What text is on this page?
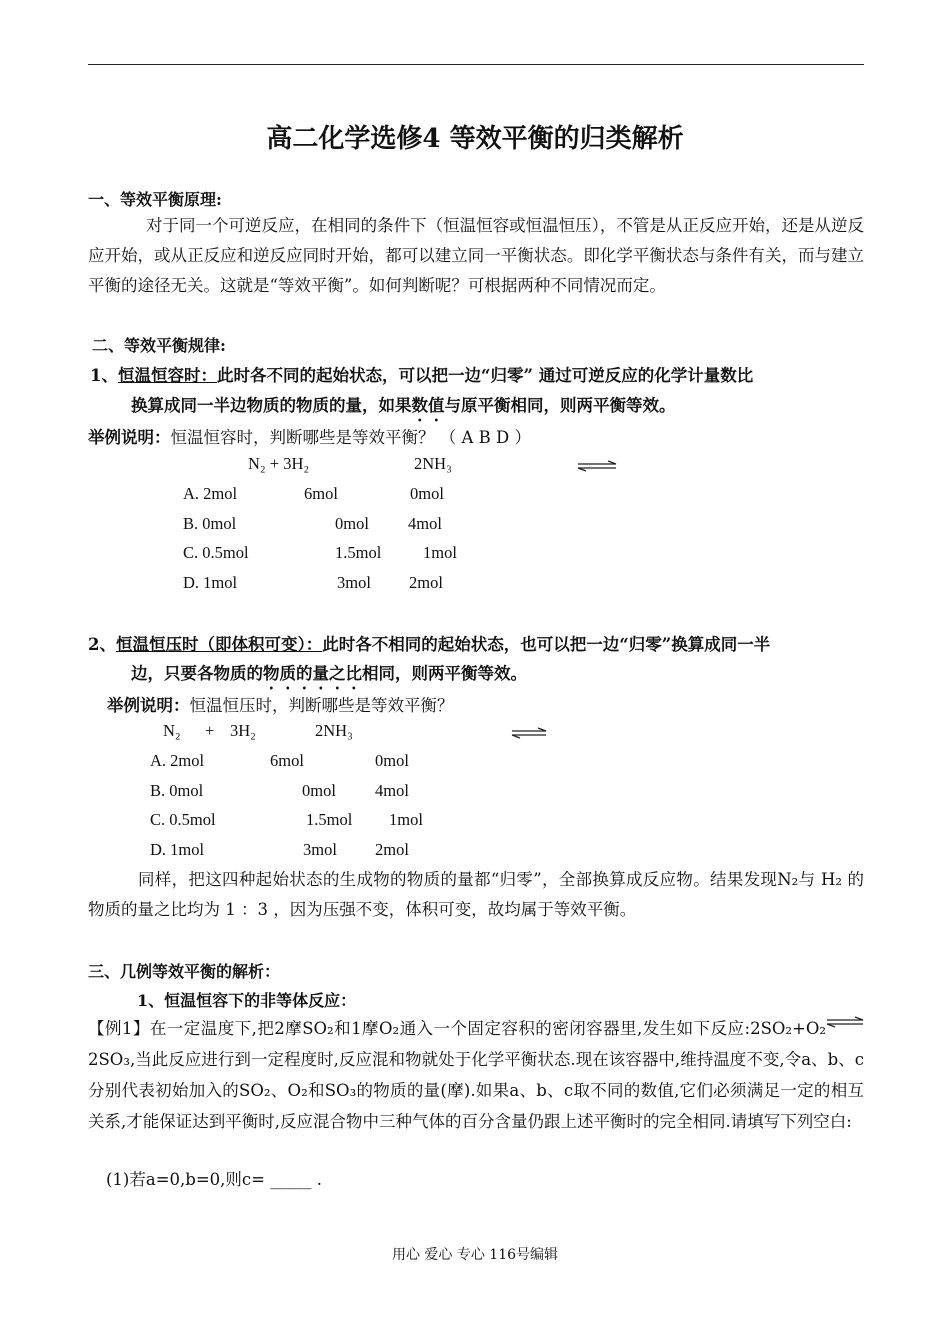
高二化学选修4 等效平衡的归类解析
一、等效平衡原理:
对于同一个可逆反应，在相同的条件下（恒温恒容或恒温恒压），不管是从正反应开始，还是从逆反应开始，或从正反应和逆反应同时开始，都可以建立同一平衡状态。即化学平衡状态与条件有关，而与建立平衡的途径无关。这就是“等效平衡”。如何判断呢？可根据两种不同情况而定。
二、等效平衡规律:
1、恒温恒容时：此时各不同的起始状态，可以把一边“归零” 通过可逆反应的化学计量数比
换算成同一半边物质的物质的量，如果数值与原平衡相同，则两平衡等效。
举例说明：恒温恒容时，判断哪些是等效平衡？ （ A B D ）
N₂ + 3H₂	2NH₃
A. 2mol	6mol	0mol
B. 0mol	0mol 4mol
C. 0.5mol	1.5mol	1mol
D. 1mol	3mol 2mol
2、恒温恒压时（即体积可变）：此时各不相同的起始状态，也可以把一边“归零”换算成同一半
边，只要各物质的物质的量之比相同，则两平衡等效。
举例说明：恒温恒压时，判断哪些是等效平衡？
N₂ + 3H₂	2NH₃
A. 2mol	6mol	0mol
B. 0mol	0mol 4mol
C. 0.5mol	1.5mol 1mol
D. 1mol	3mol 2mol
同样，把这四种起始状态的生成物的物质的量都“归零”，全部换算成反应物。结果发现N₂与 H₂ 的物质的量之比均为 1 ：3 ，因为压强不变，体积可变，故均属于等效平衡。
三、几例等效平衡的解析：
1、恒温恒容下的非等体反应：
【例1】在一定温度下,把2摩SO₂和1摩O₂通入一个固定容积的密闭容器里,发生如下反应:2SO₂+O₂⇌2SO₃,当此反应进行到一定程度时,反应混和物就处于化学平衡状态.现在该容器中,维持温度不变,令a、b、c分别代表初始加入的SO₂、O₂和SO₃的物质的量(摩).如果a、b、c取不同的数值,它们必须满足一定的相互关系,才能保证达到平衡时,反应混合物中三种气体的百分含量仍跟上述平衡时的完全相同.请填写下列空白:
(1)若a=0,b=0,则c= _____ .
用心 爱心 专心 116号编辑
